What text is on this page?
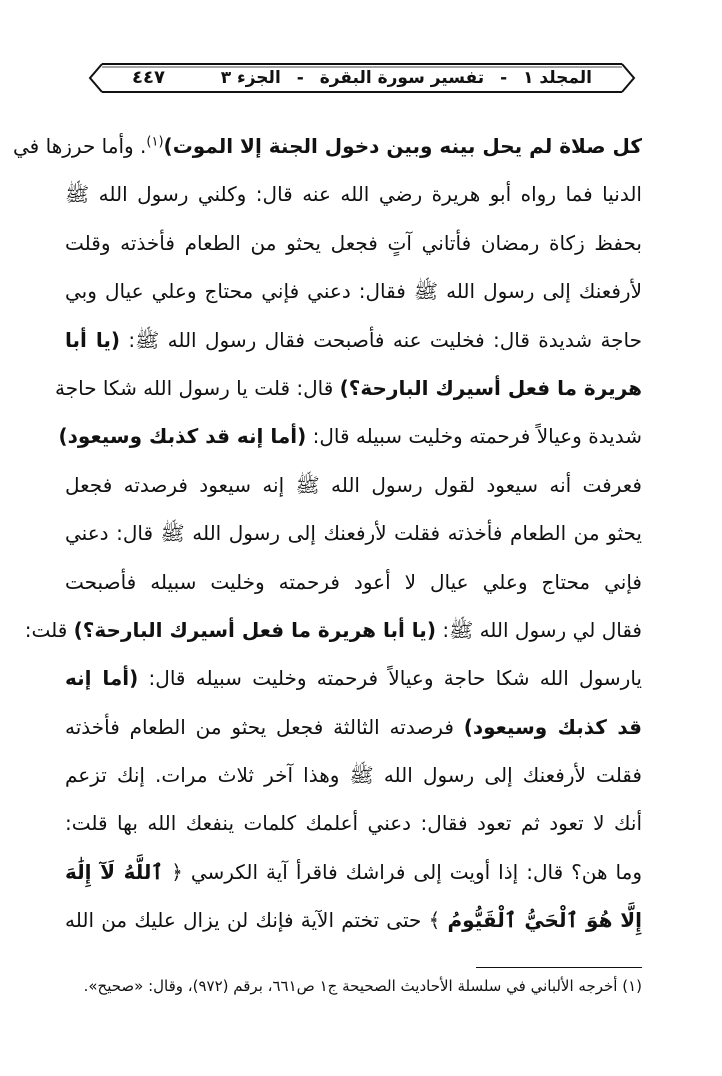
٤٤٧	المجلد ١ - تفسير سورة البقرة - الجزء ٣
كل صلاة لم يحل بينه وبين دخول الجنة إلا الموت)$^{(١)}$. وأما حرزها في
الدنيا فما رواه أبو هريرة رضي الله عنه قال: وكلني رسول الله ﷺ
بحفظ زكاة رمضان فأتاني آتٍ فجعل يحثو من الطعام فأخذته وقلت
لأرفعنك إلى رسول الله ﷺ فقال: دعني فإني محتاج وعلي عيال وبي
حاجة شديدة قال: فخليت عنه فأصبحت فقال رسول الله ﷺ: (يا أبا
هريرة ما فعل أسيرك البارحة؟) قال: قلت يا رسول الله شكا حاجة
شديدة وعيالاً فرحمته وخليت سبيله قال: (أما إنه قد كذبك وسيعود)
فعرفت أنه سيعود لقول رسول الله ﷺ إنه سيعود فرصدته فجعل
يحثو من الطعام فأخذته فقلت لأرفعنك إلى رسول الله ﷺ قال: دعني
فإني محتاج وعلي عيال لا أعود فرحمته وخليت سبيله فأصبحت
فقال لي رسول الله ﷺ: (يا أبا هريرة ما فعل أسيرك البارحة؟) قلت:
يارسول الله شكا حاجة وعيالاً فرحمته وخليت سبيله قال: (أما إنه
قد كذبك وسيعود) فرصدته الثالثة فجعل يحثو من الطعام فأخذته
فقلت لأرفعنك إلى رسول الله ﷺ وهذا آخر ثلاث مرات. إنك تزعم
أنك لا تعود ثم تعود فقال: دعني أعلمك كلمات ينفعك الله بها قلت:
وما هن؟ قال: إذا أويت إلى فراشك فاقرأ آية الكرسي ﴿ ٱللَّهُ لَآ إِلَٰهَ
إِلَّا هُوَ ٱلْحَيُّ ٱلْقَيُّومُ ﴾ حتى تختم الآية فإنك لن يزال عليك من الله
(١) أخرجه الألباني في سلسلة الأحاديث الصحيحة ج١ ص٦٦١، برقم (٩٧٢)، وقال: «صحيح».
